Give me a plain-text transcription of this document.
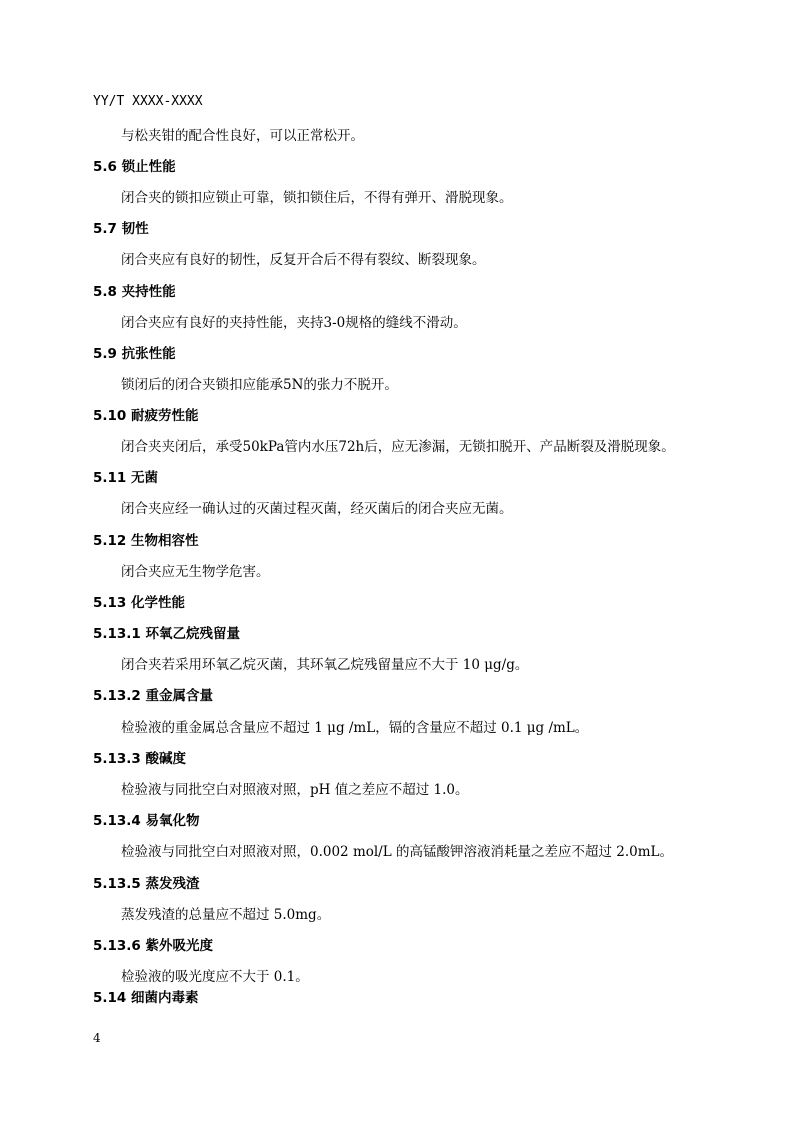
YY/T XXXX-XXXX
与松夹钳的配合性良好，可以正常松开。
5.6 锁止性能
闭合夹的锁扣应锁止可靠，锁扣锁住后，不得有弹开、滑脱现象。
5.7 韧性
闭合夹应有良好的韧性，反复开合后不得有裂纹、断裂现象。
5.8 夹持性能
闭合夹应有良好的夹持性能，夹持3-0规格的缝线不滑动。
5.9 抗张性能
锁闭后的闭合夹锁扣应能承5N的张力不脱开。
5.10 耐疲劳性能
闭合夹夹闭后，承受50kPa管内水压72h后，应无渗漏，无锁扣脱开、产品断裂及滑脱现象。
5.11 无菌
闭合夹应经一确认过的灭菌过程灭菌，经灭菌后的闭合夹应无菌。
5.12 生物相容性
闭合夹应无生物学危害。
5.13 化学性能
5.13.1 环氧乙烷残留量
闭合夹若采用环氧乙烷灭菌，其环氧乙烷残留量应不大于 10 μg/g。
5.13.2 重金属含量
检验液的重金属总含量应不超过 1 μg /mL，镉的含量应不超过 0.1 μg /mL。
5.13.3 酸碱度
检验液与同批空白对照液对照，pH 值之差应不超过 1.0。
5.13.4 易氧化物
检验液与同批空白对照液对照，0.002 mol/L 的高锰酸钾溶液消耗量之差应不超过 2.0mL。
5.13.5 蒸发残渣
蒸发残渣的总量应不超过 5.0mg。
5.13.6 紫外吸光度
检验液的吸光度应不大于 0.1。
5.14 细菌内毒素
4
